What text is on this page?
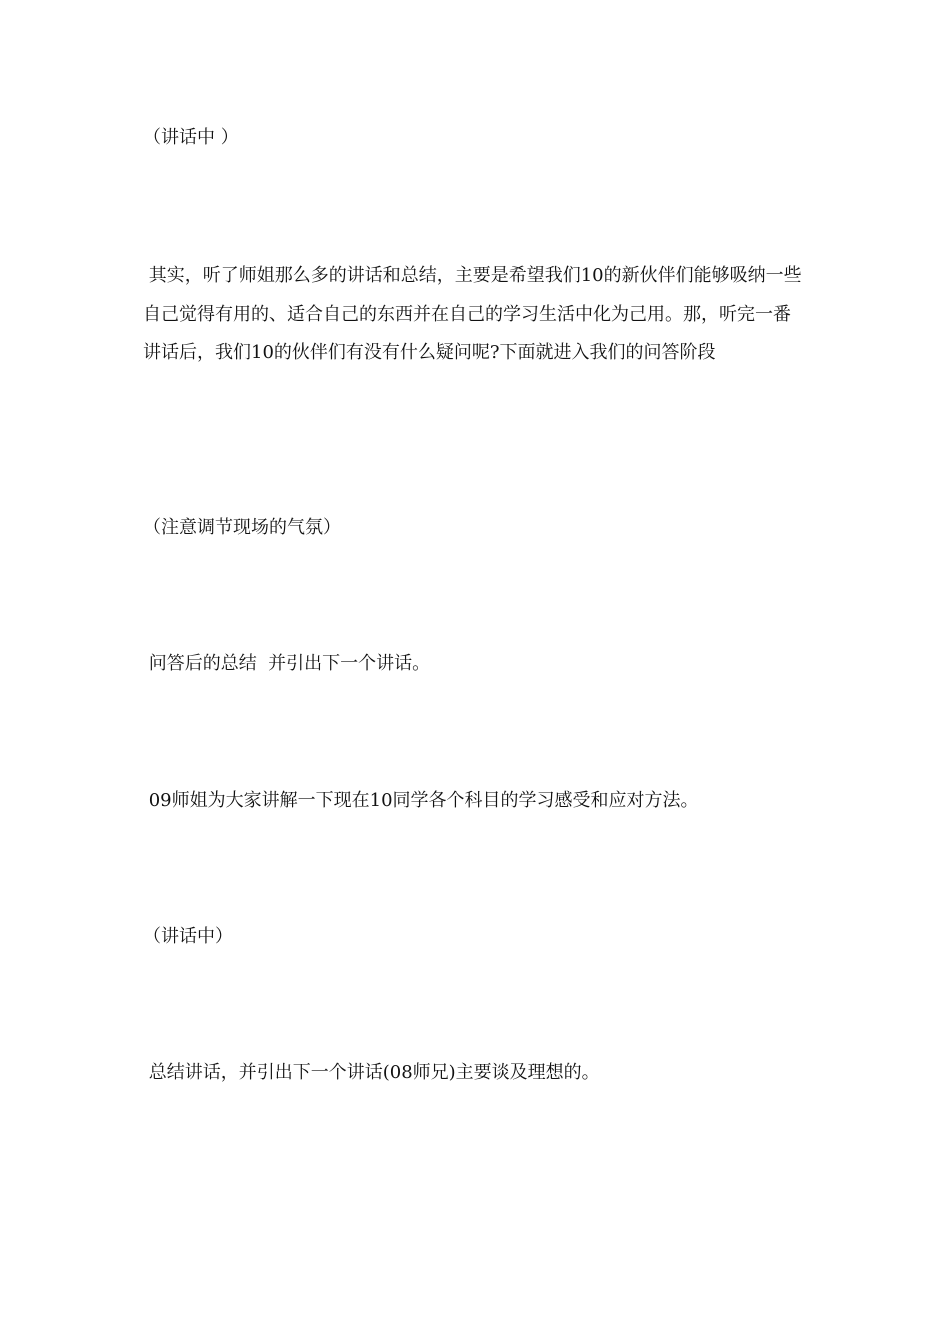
（讲话中 ）

其实，听了师姐那么多的讲话和总结，主要是希望我们10的新伙伴们能够吸纳一些自己觉得有用的、适合自己的东西并在自己的学习生活中化为己用。那，听完一番讲话后，我们10的伙伴们有没有什么疑问呢?下面就进入我们的问答阶段

（注意调节现场的气氛）

问答后的总结  并引出下一个讲话。

09师姐为大家讲解一下现在10同学各个科目的学习感受和应对方法。

（讲话中）

总结讲话，并引出下一个讲话(08师兄)主要谈及理想的。
